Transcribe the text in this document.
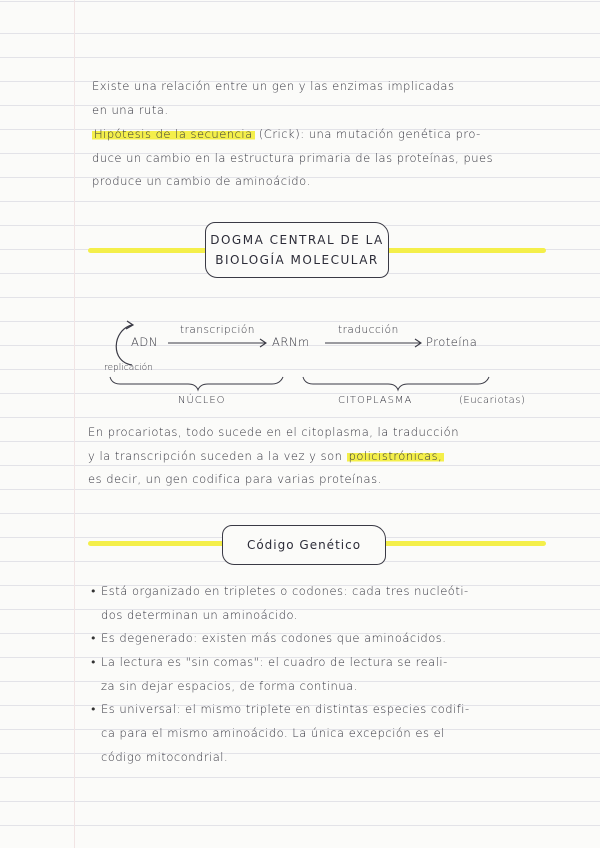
Existe una relación entre un gen y las enzimas implicadas
en una ruta.
Hipótesis de la secuencia (Crick): una mutación genética pro-
duce un cambio en la estructura primaria de las proteínas, pues
produce un cambio de aminoácido.
DOGMA CENTRAL DE LA
BIOLOGÍA MOLECULAR
ADN
transcripción
ARNm
traducción
Proteína
replicación
NÚCLEO	CITOPLASMA	(Eucariotas)
En procariotas, todo sucede en el citoplasma, la traducción
y la transcripción suceden a la vez y son policistrónicas,
es decir, un gen codifica para varias proteínas.
Código Genético
• Está organizado en tripletes o codones: cada tres nucleóti-
dos determinan un aminoácido.
• Es degenerado: existen más codones que aminoácidos.
• La lectura es "sin comas": el cuadro de lectura se reali-
za sin dejar espacios, de forma continua.
• Es universal: el mismo triplete en distintas especies codifi-
ca para el mismo aminoácido. La única excepción es el
código mitocondrial.
